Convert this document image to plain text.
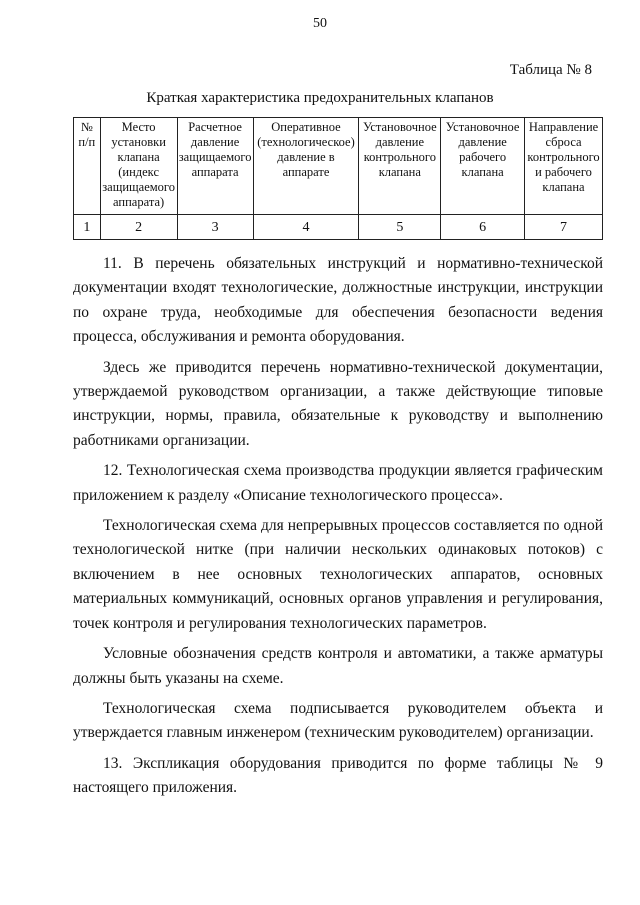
50
Таблица № 8
Краткая характеристика предохранительных клапанов
№ п/п	Место установки клапана (индекс защищаемого аппарата)	Расчетное давление защищаемого аппарата	Оперативное (технологическое) давление в аппарате	Установочное давление контрольного клапана	Установочное давление рабочего клапана	Направление сброса контрольного и рабочего клапана
1	2	3	4	5	6	7

11. В перечень обязательных инструкций и нормативно-технической документации входят технологические, должностные инструкции, инструкции по охране труда, необходимые для обеспечения безопасности ведения процесса, обслуживания и ремонта оборудования.

Здесь же приводится перечень нормативно-технической документации, утверждаемой руководством организации, а также действующие типовые инструкции, нормы, правила, обязательные к руководству и выполнению работниками организации.

12. Технологическая схема производства продукции является графическим приложением к разделу «Описание технологического процесса».

Технологическая схема для непрерывных процессов составляется по одной технологической нитке (при наличии нескольких одинаковых потоков) с включением в нее основных технологических аппаратов, основных материальных коммуникаций, основных органов управления и регулирования, точек контроля и регулирования технологических параметров.

Условные обозначения средств контроля и автоматики, а также арматуры должны быть указаны на схеме.

Технологическая схема подписывается руководителем объекта и утверждается главным инженером (техническим руководителем) организации.

13. Экспликация оборудования приводится по форме таблицы № 9 настоящего приложения.
